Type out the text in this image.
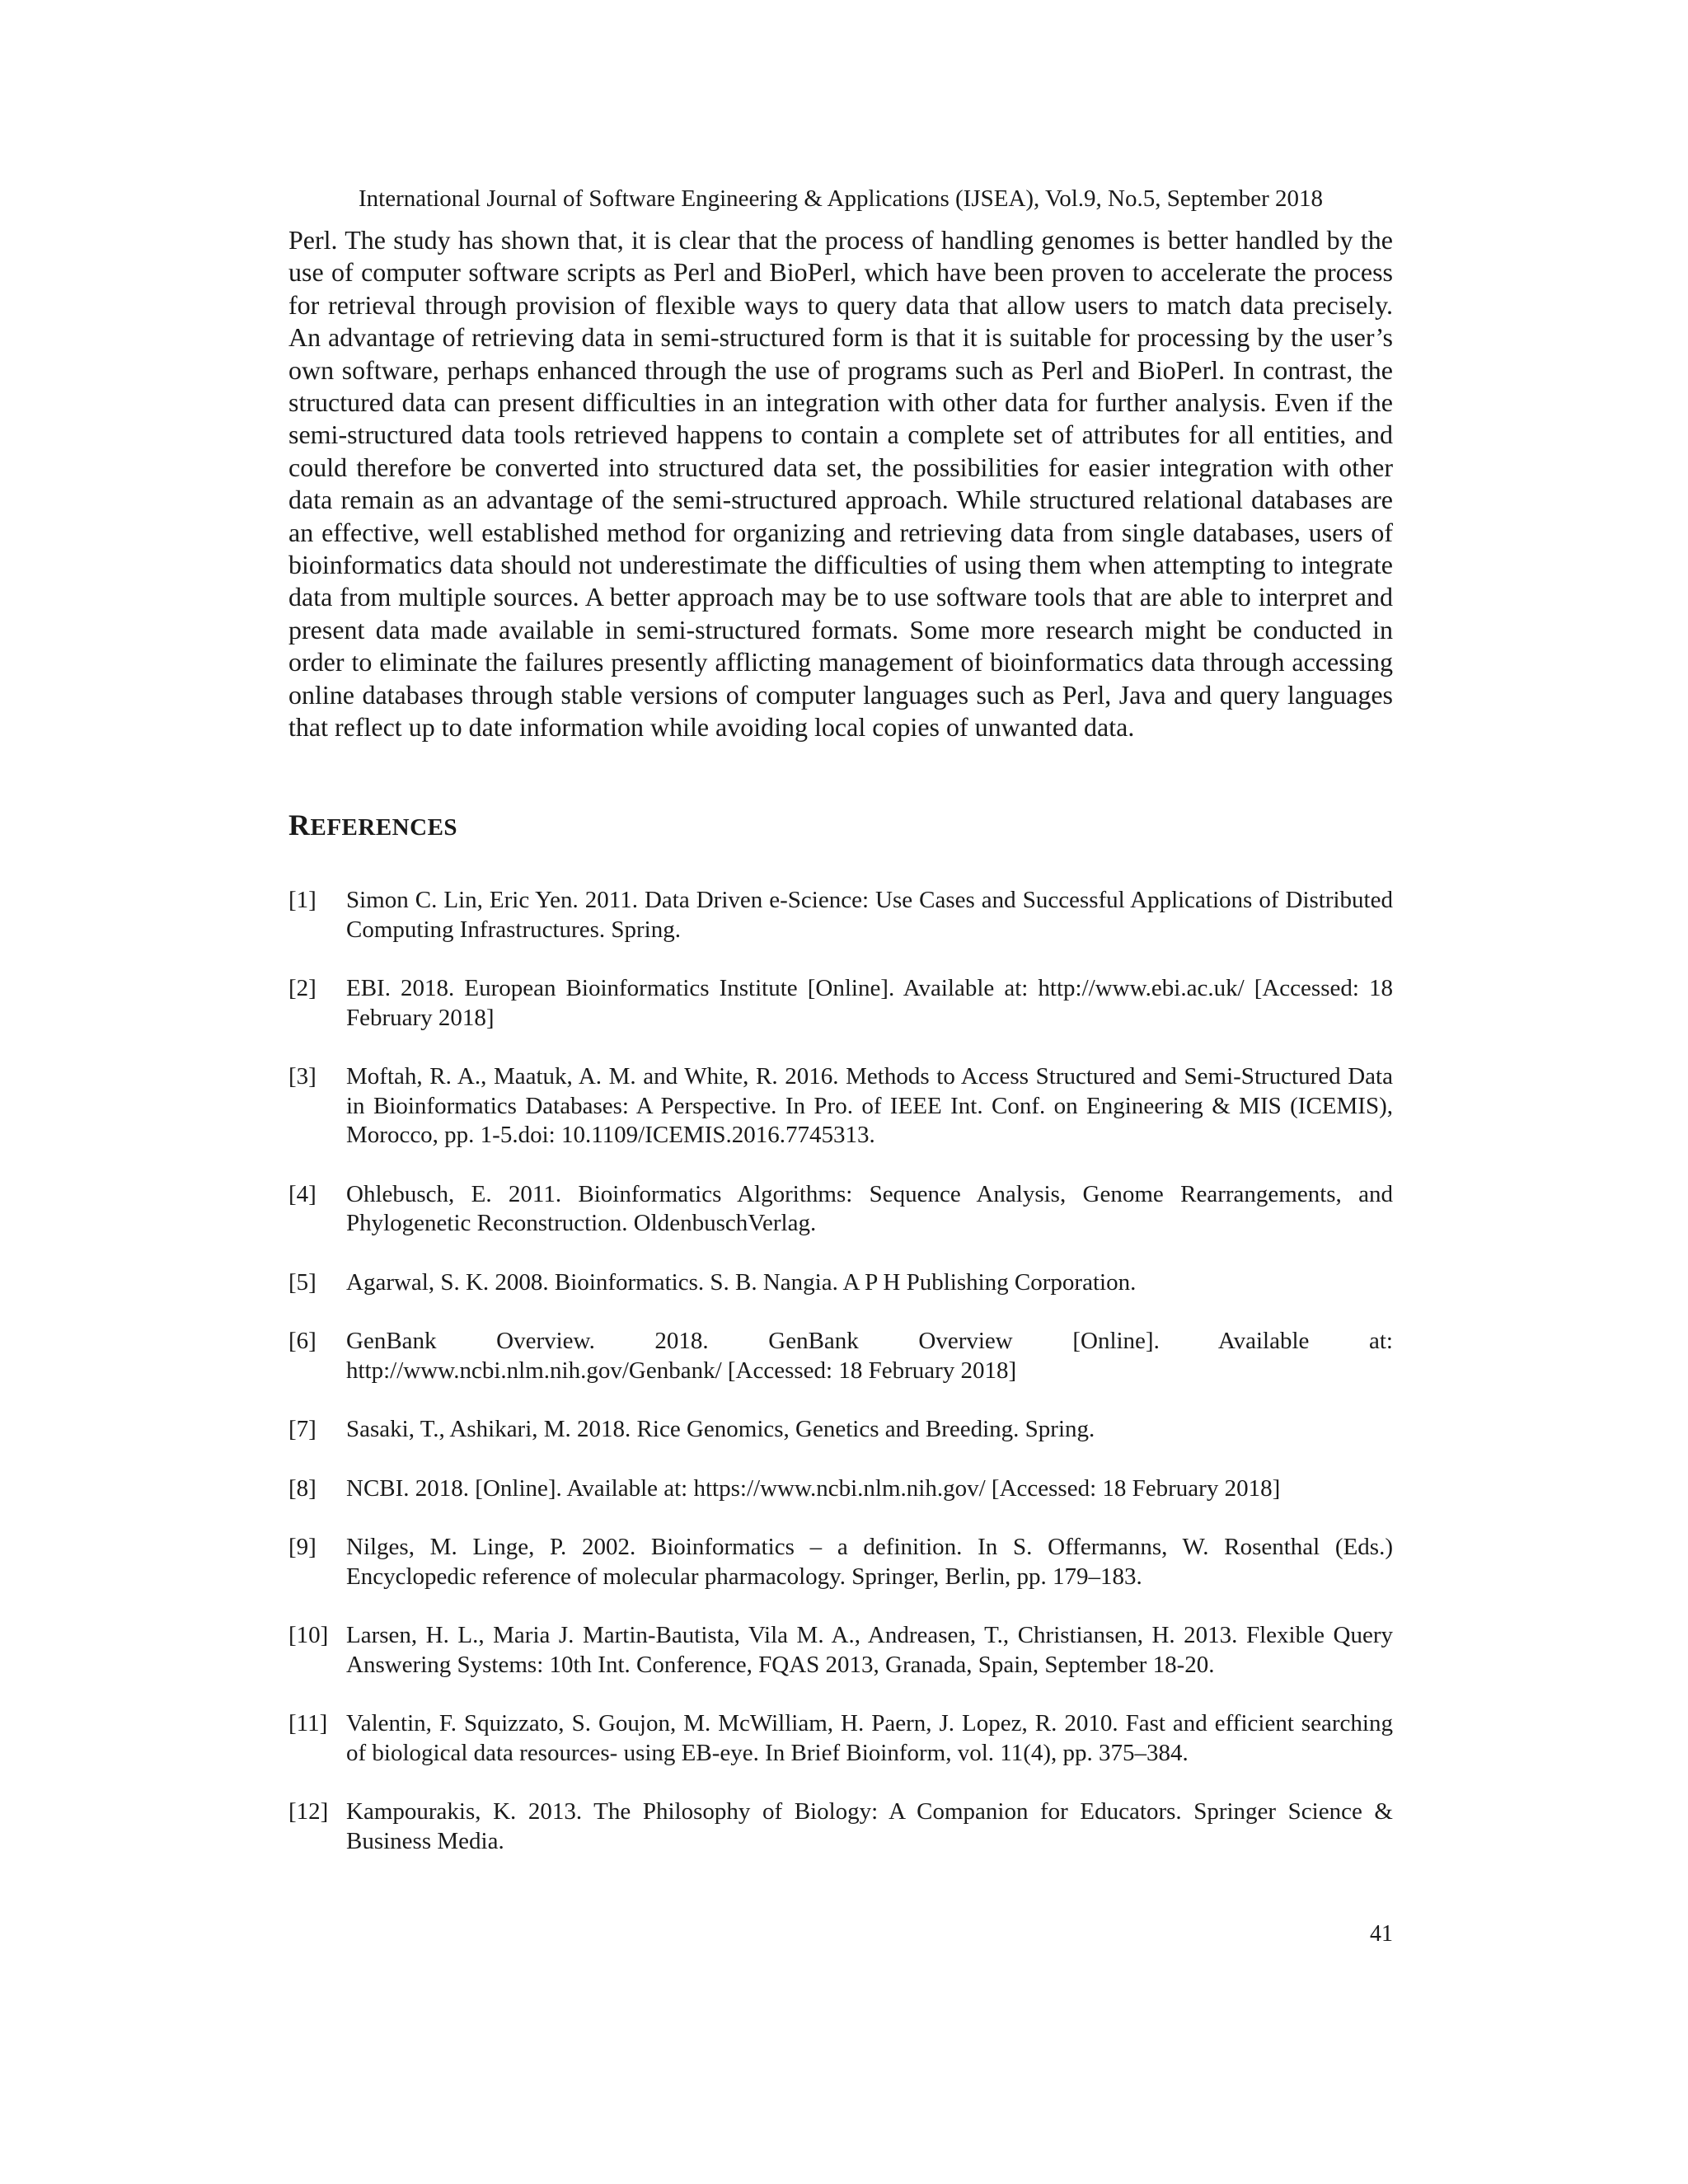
International Journal of Software Engineering & Applications (IJSEA), Vol.9, No.5, September 2018

Perl. The study has shown that, it is clear that the process of handling genomes is better handled by the use of computer software scripts as Perl and BioPerl, which have been proven to accelerate the process for retrieval through provision of flexible ways to query data that allow users to match data precisely. An advantage of retrieving data in semi-structured form is that it is suitable for processing by the user’s own software, perhaps enhanced through the use of programs such as Perl and BioPerl. In contrast, the structured data can present difficulties in an integration with other data for further analysis. Even if the semi-structured data tools retrieved happens to contain a complete set of attributes for all entities, and could therefore be converted into structured data set, the possibilities for easier integration with other data remain as an advantage of the semi-structured approach. While structured relational databases are an effective, well established method for organizing and retrieving data from single databases, users of bioinformatics data should not underestimate the difficulties of using them when attempting to integrate data from multiple sources. A better approach may be to use software tools that are able to interpret and present data made available in semi-structured formats. Some more research might be conducted in order to eliminate the failures presently afflicting management of bioinformatics data through accessing online databases through stable versions of computer languages such as Perl, Java and query languages that reflect up to date information while avoiding local copies of unwanted data.

REFERENCES
[1]	Simon C. Lin, Eric Yen. 2011. Data Driven e-Science: Use Cases and Successful Applications of Distributed Computing Infrastructures. Spring.
[2]	EBI. 2018. European Bioinformatics Institute [Online]. Available at: http://www.ebi.ac.uk/ [Accessed: 18 February 2018]
[3]	Moftah, R. A., Maatuk, A. M. and White, R. 2016. Methods to Access Structured and Semi-Structured Data in Bioinformatics Databases: A Perspective. In Pro. of IEEE Int. Conf. on Engineering & MIS (ICEMIS), Morocco, pp. 1-5.doi: 10.1109/ICEMIS.2016.7745313.
[4]	Ohlebusch, E. 2011. Bioinformatics Algorithms: Sequence Analysis, Genome Rearrangements, and Phylogenetic Reconstruction. OldenbuschVerlag.
[5]	Agarwal, S. K. 2008. Bioinformatics. S. B. Nangia. A P H Publishing Corporation.
[6]	GenBank Overview. 2018. GenBank Overview [Online]. Available at: http://www.ncbi.nlm.nih.gov/Genbank/ [Accessed: 18 February 2018]
[7]	Sasaki, T., Ashikari, M. 2018. Rice Genomics, Genetics and Breeding. Spring.
[8]	NCBI. 2018. [Online]. Available at: https://www.ncbi.nlm.nih.gov/ [Accessed: 18 February 2018]
[9]	Nilges, M. Linge, P. 2002. Bioinformatics – a definition. In S. Offermanns, W. Rosenthal (Eds.) Encyclopedic reference of molecular pharmacology. Springer, Berlin, pp. 179–183.
[10] Larsen, H. L., Maria J. Martin-Bautista, Vila M. A., Andreasen, T., Christiansen, H. 2013. Flexible Query Answering Systems: 10th Int. Conference, FQAS 2013, Granada, Spain, September 18-20.
[11] Valentin, F. Squizzato, S. Goujon, M. McWilliam, H. Paern, J. Lopez, R. 2010. Fast and efficient searching of biological data resources- using EB-eye. In Brief Bioinform, vol. 11(4), pp. 375–384.
[12] Kampourakis, K. 2013. The Philosophy of Biology: A Companion for Educators. Springer Science & Business Media.
41
